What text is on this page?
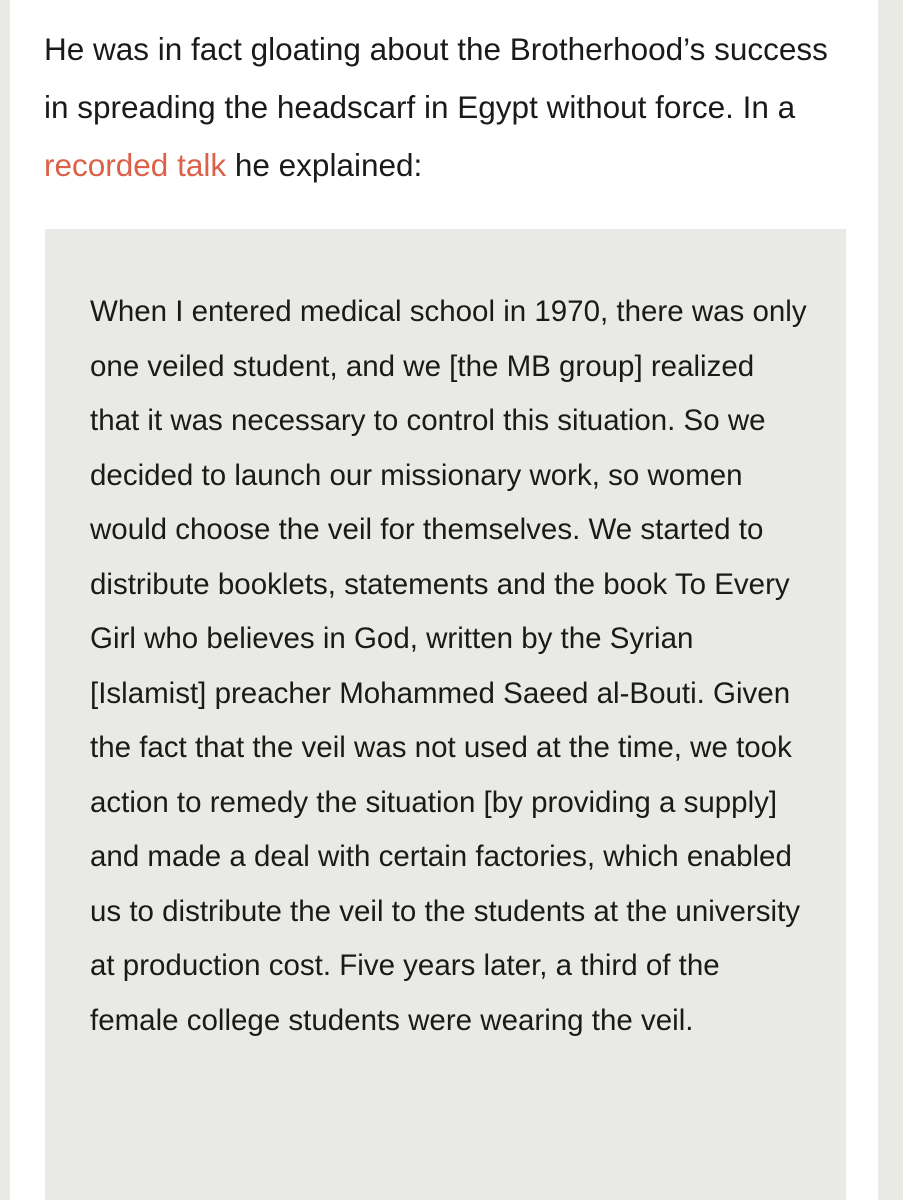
He was in fact gloating about the Brotherhood’s success in spreading the headscarf in Egypt without force. In a recorded talk he explained:

When I entered medical school in 1970, there was only one veiled student, and we [the MB group] realized that it was necessary to control this situation. So we decided to launch our missionary work, so women would choose the veil for themselves. We started to distribute booklets, statements and the book To Every Girl who believes in God, written by the Syrian [Islamist] preacher Mohammed Saeed al-Bouti. Given the fact that the veil was not used at the time, we took action to remedy the situation [by providing a supply] and made a deal with certain factories, which enabled us to distribute the veil to the students at the university at production cost. Five years later, a third of the female college students were wearing the veil.
